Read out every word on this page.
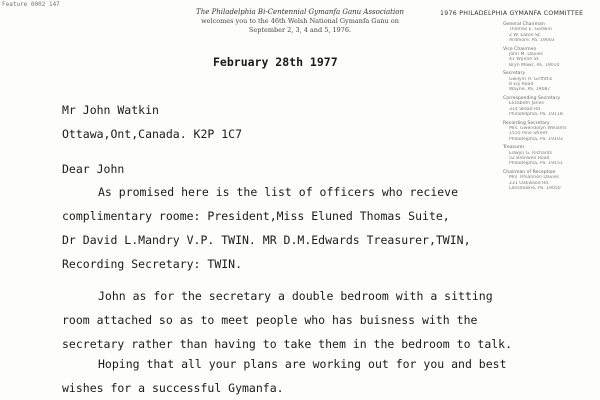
Feature 0002 147
The Philadelphia Bi-Centennial Gymanfa Ganu Association
welcomes you to the 46th Welsh National Gymanfa Ganu on
September 2, 3, 4 and 5, 1976.
1976 PHILADELPHIA GYMANFA COMMITTEE
General Chairman
Thomas E. Godwin
2 W. Eaton St.
Ardmore, Pa. 19003
Vice Chairmen
John M. Davies
41 Wynne St.
Bryn Mawr, Pa. 19010
Secretary
Gwilym H. Griffiths
8 Ely Road
Wayne, Pa. 19087
Corresponding Secretary
Elizabeth Jones
314 Stead Rd.
Philadelphia, Pa. 19118
Recording Secretary
Mrs. Gwendolyn Williams
1555 Pine Street
Philadelphia, Pa. 19103
Treasurer
Edwyn G. Richards
52 Bronwen Road
Philadelphia, Pa. 19151
Chairman of Reception
Mrs. Rhiannon Davies
231 Oakwood Rd.
Lansdowne, Pa. 19050
February 28th 1977
Mr John Watkin
Ottawa,Ont,Canada. K2P 1C7
Dear John
As promised here is the list of officers who recieve
complimentary roome: President,Miss Eluned Thomas Suite,
Dr David L.Mandry V.P. TWIN. MR D.M.Edwards Treasurer,TWIN,
Recording Secretary: TWIN.
John as for the secretary a double bedroom with a sitting
room attached so as to meet people who has buisness with the
secretary rather than having to take them in the bedroom to talk.
Hoping that all your plans are working out for you and best
wishes for a successful Gymanfa.
